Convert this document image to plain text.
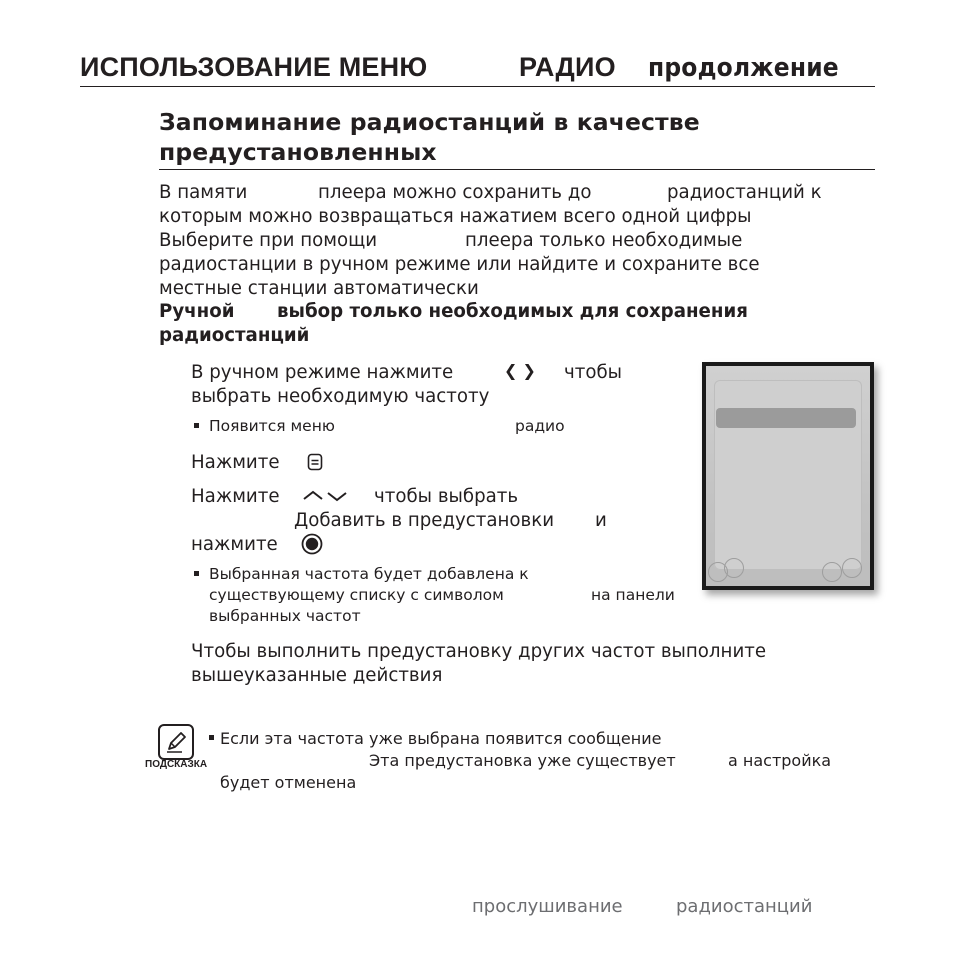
ИСПОЛЬЗОВАНИЕ МЕНЮ	РАДИО продолжение
Запоминание радиостанций в качестве
предустановленных
В памяти	плеера можно сохранить до	радиостанций к
которым можно возвращаться нажатием всего одной цифры
Выберите при помощи	плеера только необходимые
радиостанции в ручном режиме или найдите и сохраните все
местные станции автоматически
Ручной выбор только необходимых для сохранения
радиостанций
В ручном режиме нажмите	❮ ❯ чтобы
выбрать необходимую частоту
Появится меню	радио
Нажмите
Нажмите	чтобы выбрать
Добавить в предустановки и
нажмите
Выбранная частота будет добавлена к
существующему списку с символом	на панели
выбранных частот
Чтобы выполнить предустановку других частот выполните
вышеуказанные действия
ПОДСКАЗКА
Если эта частота уже выбрана появится сообщение
Эта предустановка уже существует	а настройка
будет отменена
прослушивание	радиостанций
